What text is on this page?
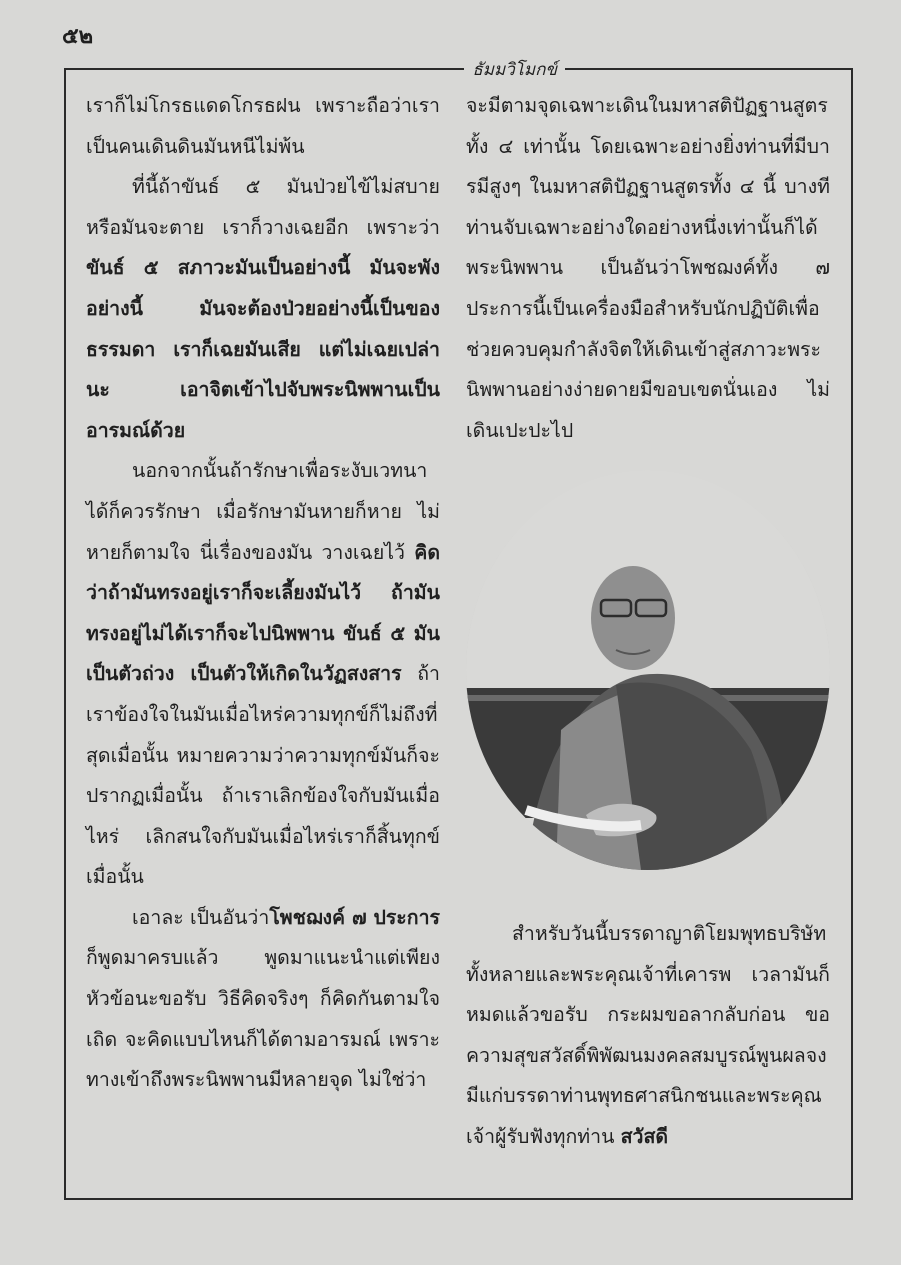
๕๒
ธัมมวิโมกข์

เราก็ไม่โกรธแดดโกรธฝน เพราะถือว่าเราเป็นคนเดินดินมันหนีไม่พ้น

ที่นี้ถ้าขันธ์ ๕ มันป่วยไข้ไม่สบาย หรือมันจะตาย เราก็วางเฉยอีก เพราะว่า ขันธ์ ๕ สภาวะมันเป็นอย่างนี้ มันจะพังอย่างนี้ มันจะต้องป่วยอย่างนี้เป็นของธรรมดา เราก็เฉยมันเสีย แต่ไม่เฉยเปล่านะ เอาจิตเข้าไปจับพระนิพพานเป็นอารมณ์ด้วย

นอกจากนั้นถ้ารักษาเพื่อระงับเวทนาได้ก็ควรรักษา เมื่อรักษามันหายก็หาย ไม่หายก็ตามใจ นี่เรื่องของมัน วางเฉยไว้ คิดว่าถ้ามันทรงอยู่เราก็จะเลี้ยงมันไว้ ถ้ามันทรงอยู่ไม่ได้เราก็จะไปนิพพาน ขันธ์ ๕ มันเป็นตัวถ่วง เป็นตัวให้เกิดในวัฏสงสาร ถ้าเราข้องใจในมันเมื่อไหร่ความทุกข์ก็ไม่ถึงที่สุดเมื่อนั้น หมายความว่าความทุกข์มันก็จะปรากฏเมื่อนั้น ถ้าเราเลิกข้องใจกับมันเมื่อไหร่ เลิกสนใจกับมันเมื่อไหร่เราก็สิ้นทุกข์เมื่อนั้น

เอาละ เป็นอันว่าโพชฌงค์ ๗ ประการก็พูดมาครบแล้ว พูดมาแนะนำแต่เพียงหัวข้อนะขอรับ วิธีคิดจริงๆ ก็คิดกันตามใจเถิด จะคิดแบบไหนก็ได้ตามอารมณ์ เพราะทางเข้าถึงพระนิพพานมีหลายจุด ไม่ใช่ว่า

จะมีตามจุดเฉพาะเดินในมหาสติปัฏฐานสูตรทั้ง ๔ เท่านั้น โดยเฉพาะอย่างยิ่งท่านที่มีบารมีสูงๆ ในมหาสติปัฏฐานสูตรทั้ง ๔ นี้ บางทีท่านจับเฉพาะอย่างใดอย่างหนึ่งเท่านั้นก็ได้พระนิพพาน เป็นอันว่าโพชฌงค์ทั้ง ๗ ประการนี้เป็นเครื่องมือสำหรับนักปฏิบัติเพื่อช่วยควบคุมกำลังจิตให้เดินเข้าสู่สภาวะพระนิพพานอย่างง่ายดายมีขอบเขตนั่นเอง ไม่เดินเปะปะไป

สำหรับวันนี้บรรดาญาติโยมพุทธบริษัททั้งหลายและพระคุณเจ้าที่เคารพ เวลามันก็หมดแล้วขอรับ กระผมขอลากลับก่อน ขอความสุขสวัสดิ์พิพัฒนมงคลสมบูรณ์พูนผลจงมีแก่บรรดาท่านพุทธศาสนิกชนและพระคุณเจ้าผู้รับฟังทุกท่าน สวัสดี
